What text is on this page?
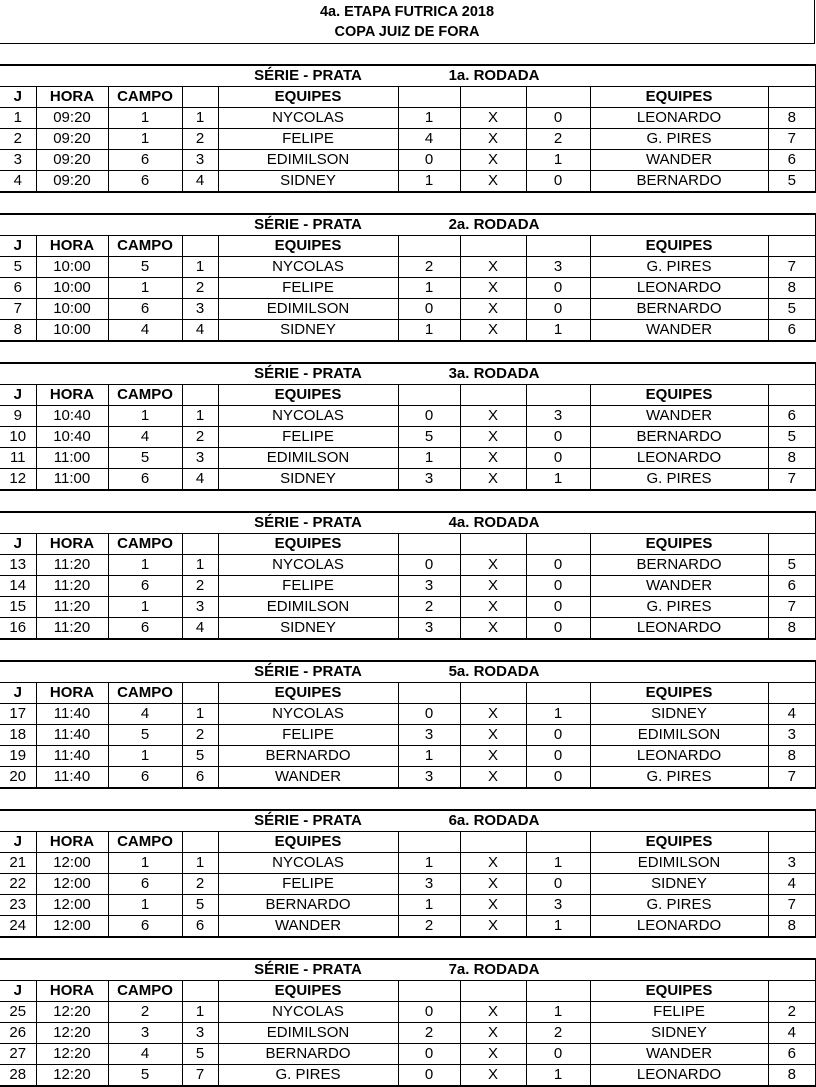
4a. ETAPA FUTRICA 2018
COPA JUIZ DE FORA
				SÉRIE - PRATA	1a. RODADA				
J	HORA	CAMPO		EQUIPES				EQUIPES	
1	09:20	1	1	NYCOLAS	1	X	0	LEONARDO	8
2	09:20	1	2	FELIPE	4	X	2	G. PIRES	7
3	09:20	6	3	EDIMILSON	0	X	1	WANDER	6
4	09:20	6	4	SIDNEY	1	X	0	BERNARDO	5
				SÉRIE - PRATA	2a. RODADA				
J	HORA	CAMPO		EQUIPES				EQUIPES	
5	10:00	5	1	NYCOLAS	2	X	3	G. PIRES	7
6	10:00	1	2	FELIPE	1	X	0	LEONARDO	8
7	10:00	6	3	EDIMILSON	0	X	0	BERNARDO	5
8	10:00	4	4	SIDNEY	1	X	1	WANDER	6
				SÉRIE - PRATA	3a. RODADA				
J	HORA	CAMPO		EQUIPES				EQUIPES	
9	10:40	1	1	NYCOLAS	0	X	3	WANDER	6
10	10:40	4	2	FELIPE	5	X	0	BERNARDO	5
11	11:00	5	3	EDIMILSON	1	X	0	LEONARDO	8
12	11:00	6	4	SIDNEY	3	X	1	G. PIRES	7
				SÉRIE - PRATA	4a. RODADA				
J	HORA	CAMPO		EQUIPES				EQUIPES	
13	11:20	1	1	NYCOLAS	0	X	0	BERNARDO	5
14	11:20	6	2	FELIPE	3	X	0	WANDER	6
15	11:20	1	3	EDIMILSON	2	X	0	G. PIRES	7
16	11:20	6	4	SIDNEY	3	X	0	LEONARDO	8
				SÉRIE - PRATA	5a. RODADA				
J	HORA	CAMPO		EQUIPES				EQUIPES	
17	11:40	4	1	NYCOLAS	0	X	1	SIDNEY	4
18	11:40	5	2	FELIPE	3	X	0	EDIMILSON	3
19	11:40	1	5	BERNARDO	1	X	0	LEONARDO	8
20	11:40	6	6	WANDER	3	X	0	G. PIRES	7
				SÉRIE - PRATA	6a. RODADA				
J	HORA	CAMPO		EQUIPES				EQUIPES	
21	12:00	1	1	NYCOLAS	1	X	1	EDIMILSON	3
22	12:00	6	2	FELIPE	3	X	0	SIDNEY	4
23	12:00	1	5	BERNARDO	1	X	3	G. PIRES	7
24	12:00	6	6	WANDER	2	X	1	LEONARDO	8
				SÉRIE - PRATA	7a. RODADA				
J	HORA	CAMPO		EQUIPES				EQUIPES	
25	12:20	2	1	NYCOLAS	0	X	1	FELIPE	2
26	12:20	3	3	EDIMILSON	2	X	2	SIDNEY	4
27	12:20	4	5	BERNARDO	0	X	0	WANDER	6
28	12:20	5	7	G. PIRES	0	X	1	LEONARDO	8
